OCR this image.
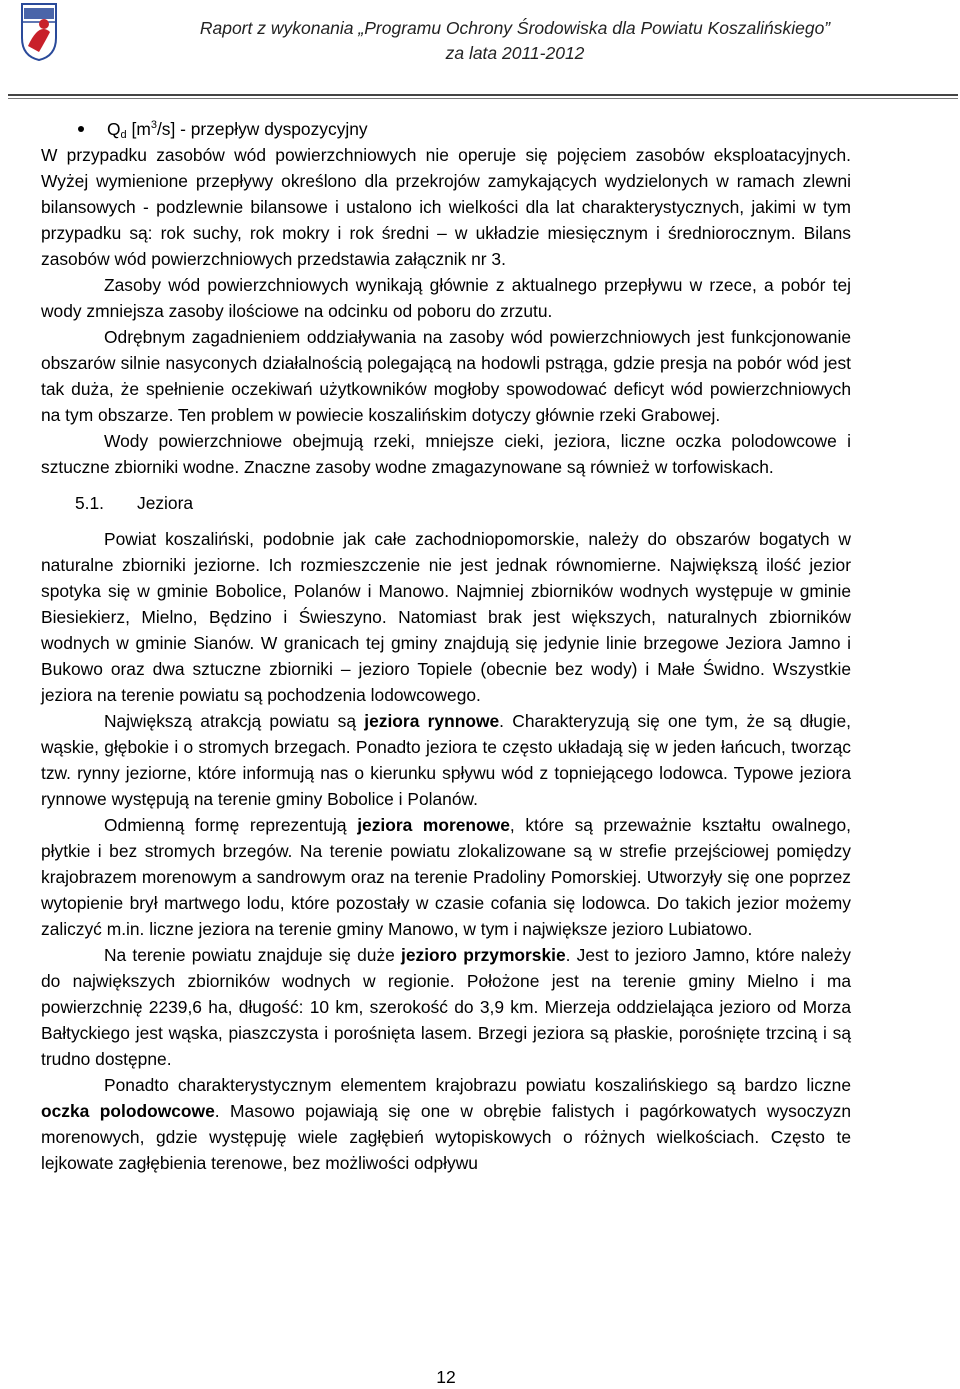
Raport z wykonania „Programu Ochrony Środowiska dla Powiatu Koszalińskiego”
za lata 2011-2012
$Q_d$ $[m^3/s]$ - przepływ dyspozycyjny

W przypadku zasobów wód powierzchniowych nie operuje się pojęciem zasobów eksploatacyjnych. Wyżej wymienione przepływy określono dla przekrojów zamykających wydzielonych w ramach zlewni bilansowych - podzlewnie bilansowe i ustalono ich wielkości dla lat charakterystycznych, jakimi w tym przypadku są: rok suchy, rok mokry i rok średni – w układzie miesięcznym i średniorocznym. Bilans zasobów wód powierzchniowych przedstawia załącznik nr 3.

Zasoby wód powierzchniowych wynikają głównie z aktualnego przepływu w rzece, a pobór tej wody zmniejsza zasoby ilościowe na odcinku od poboru do zrzutu.

Odrębnym zagadnieniem oddziaływania na zasoby wód powierzchniowych jest funkcjonowanie obszarów silnie nasyconych działalnością polegającą na hodowli pstrąga, gdzie presja na pobór wód jest tak duża, że spełnienie oczekiwań użytkowników mogłoby spowodować deficyt wód powierzchniowych na tym obszarze. Ten problem w powiecie koszalińskim dotyczy głównie rzeki Grabowej.

Wody powierzchniowe obejmują rzeki, mniejsze cieki, jeziora, liczne oczka polodowcowe i sztuczne zbiorniki wodne. Znaczne zasoby wodne zmagazynowane są również w torfowiskach.

5.1. Jeziora

Powiat koszaliński, podobnie jak całe zachodniopomorskie, należy do obszarów bogatych w naturalne zbiorniki jeziorne. Ich rozmieszczenie nie jest jednak równomierne. Największą ilość jezior spotyka się w gminie Bobolice, Polanów i Manowo. Najmniej zbiorników wodnych występuje w gminie Biesiekierz, Mielno, Będzino i Świeszyno. Natomiast brak jest większych, naturalnych zbiorników wodnych w gminie Sianów. W granicach tej gminy znajdują się jedynie linie brzegowe Jeziora Jamno i Bukowo oraz dwa sztuczne zbiorniki – jezioro Topiele (obecnie bez wody) i Małe Świdno. Wszystkie jeziora na terenie powiatu są pochodzenia lodowcowego.

Największą atrakcją powiatu są jeziora rynnowe. Charakteryzują się one tym, że są długie, wąskie, głębokie i o stromych brzegach. Ponadto jeziora te często układają się w jeden łańcuch, tworząc tzw. rynny jeziorne, które informują nas o kierunku spływu wód z topniejącego lodowca. Typowe jeziora rynnowe występują na terenie gminy Bobolice i Polanów.

Odmienną formę reprezentują jeziora morenowe, które są przeważnie kształtu owalnego, płytkie i bez stromych brzegów. Na terenie powiatu zlokalizowane są w strefie przejściowej pomiędzy krajobrazem morenowym a sandrowym oraz na terenie Pradoliny Pomorskiej. Utworzyły się one poprzez wytopienie brył martwego lodu, które pozostały w czasie cofania się lodowca. Do takich jezior możemy zaliczyć m.in. liczne jeziora na terenie gminy Manowo, w tym i największe jezioro Lubiatowo.

Na terenie powiatu znajduje się duże jezioro przymorskie. Jest to jezioro Jamno, które należy do największych zbiorników wodnych w regionie. Położone jest na terenie gminy Mielno i ma powierzchnię 2239,6 ha, długość: 10 km, szerokość do 3,9 km. Mierzeja oddzielająca jezioro od Morza Bałtyckiego jest wąska, piaszczysta i porośnięta lasem. Brzegi jeziora są płaskie, porośnięte trzciną i są trudno dostępne.

Ponadto charakterystycznym elementem krajobrazu powiatu koszalińskiego są bardzo liczne oczka polodowcowe. Masowo pojawiają się one w obrębie falistych i pagórkowatych wysoczyzn morenowych, gdzie występuję wiele zagłębień wytopiskowych o różnych wielkościach. Często te lejkowate zagłębienia terenowe, bez możliwości odpływu

12
